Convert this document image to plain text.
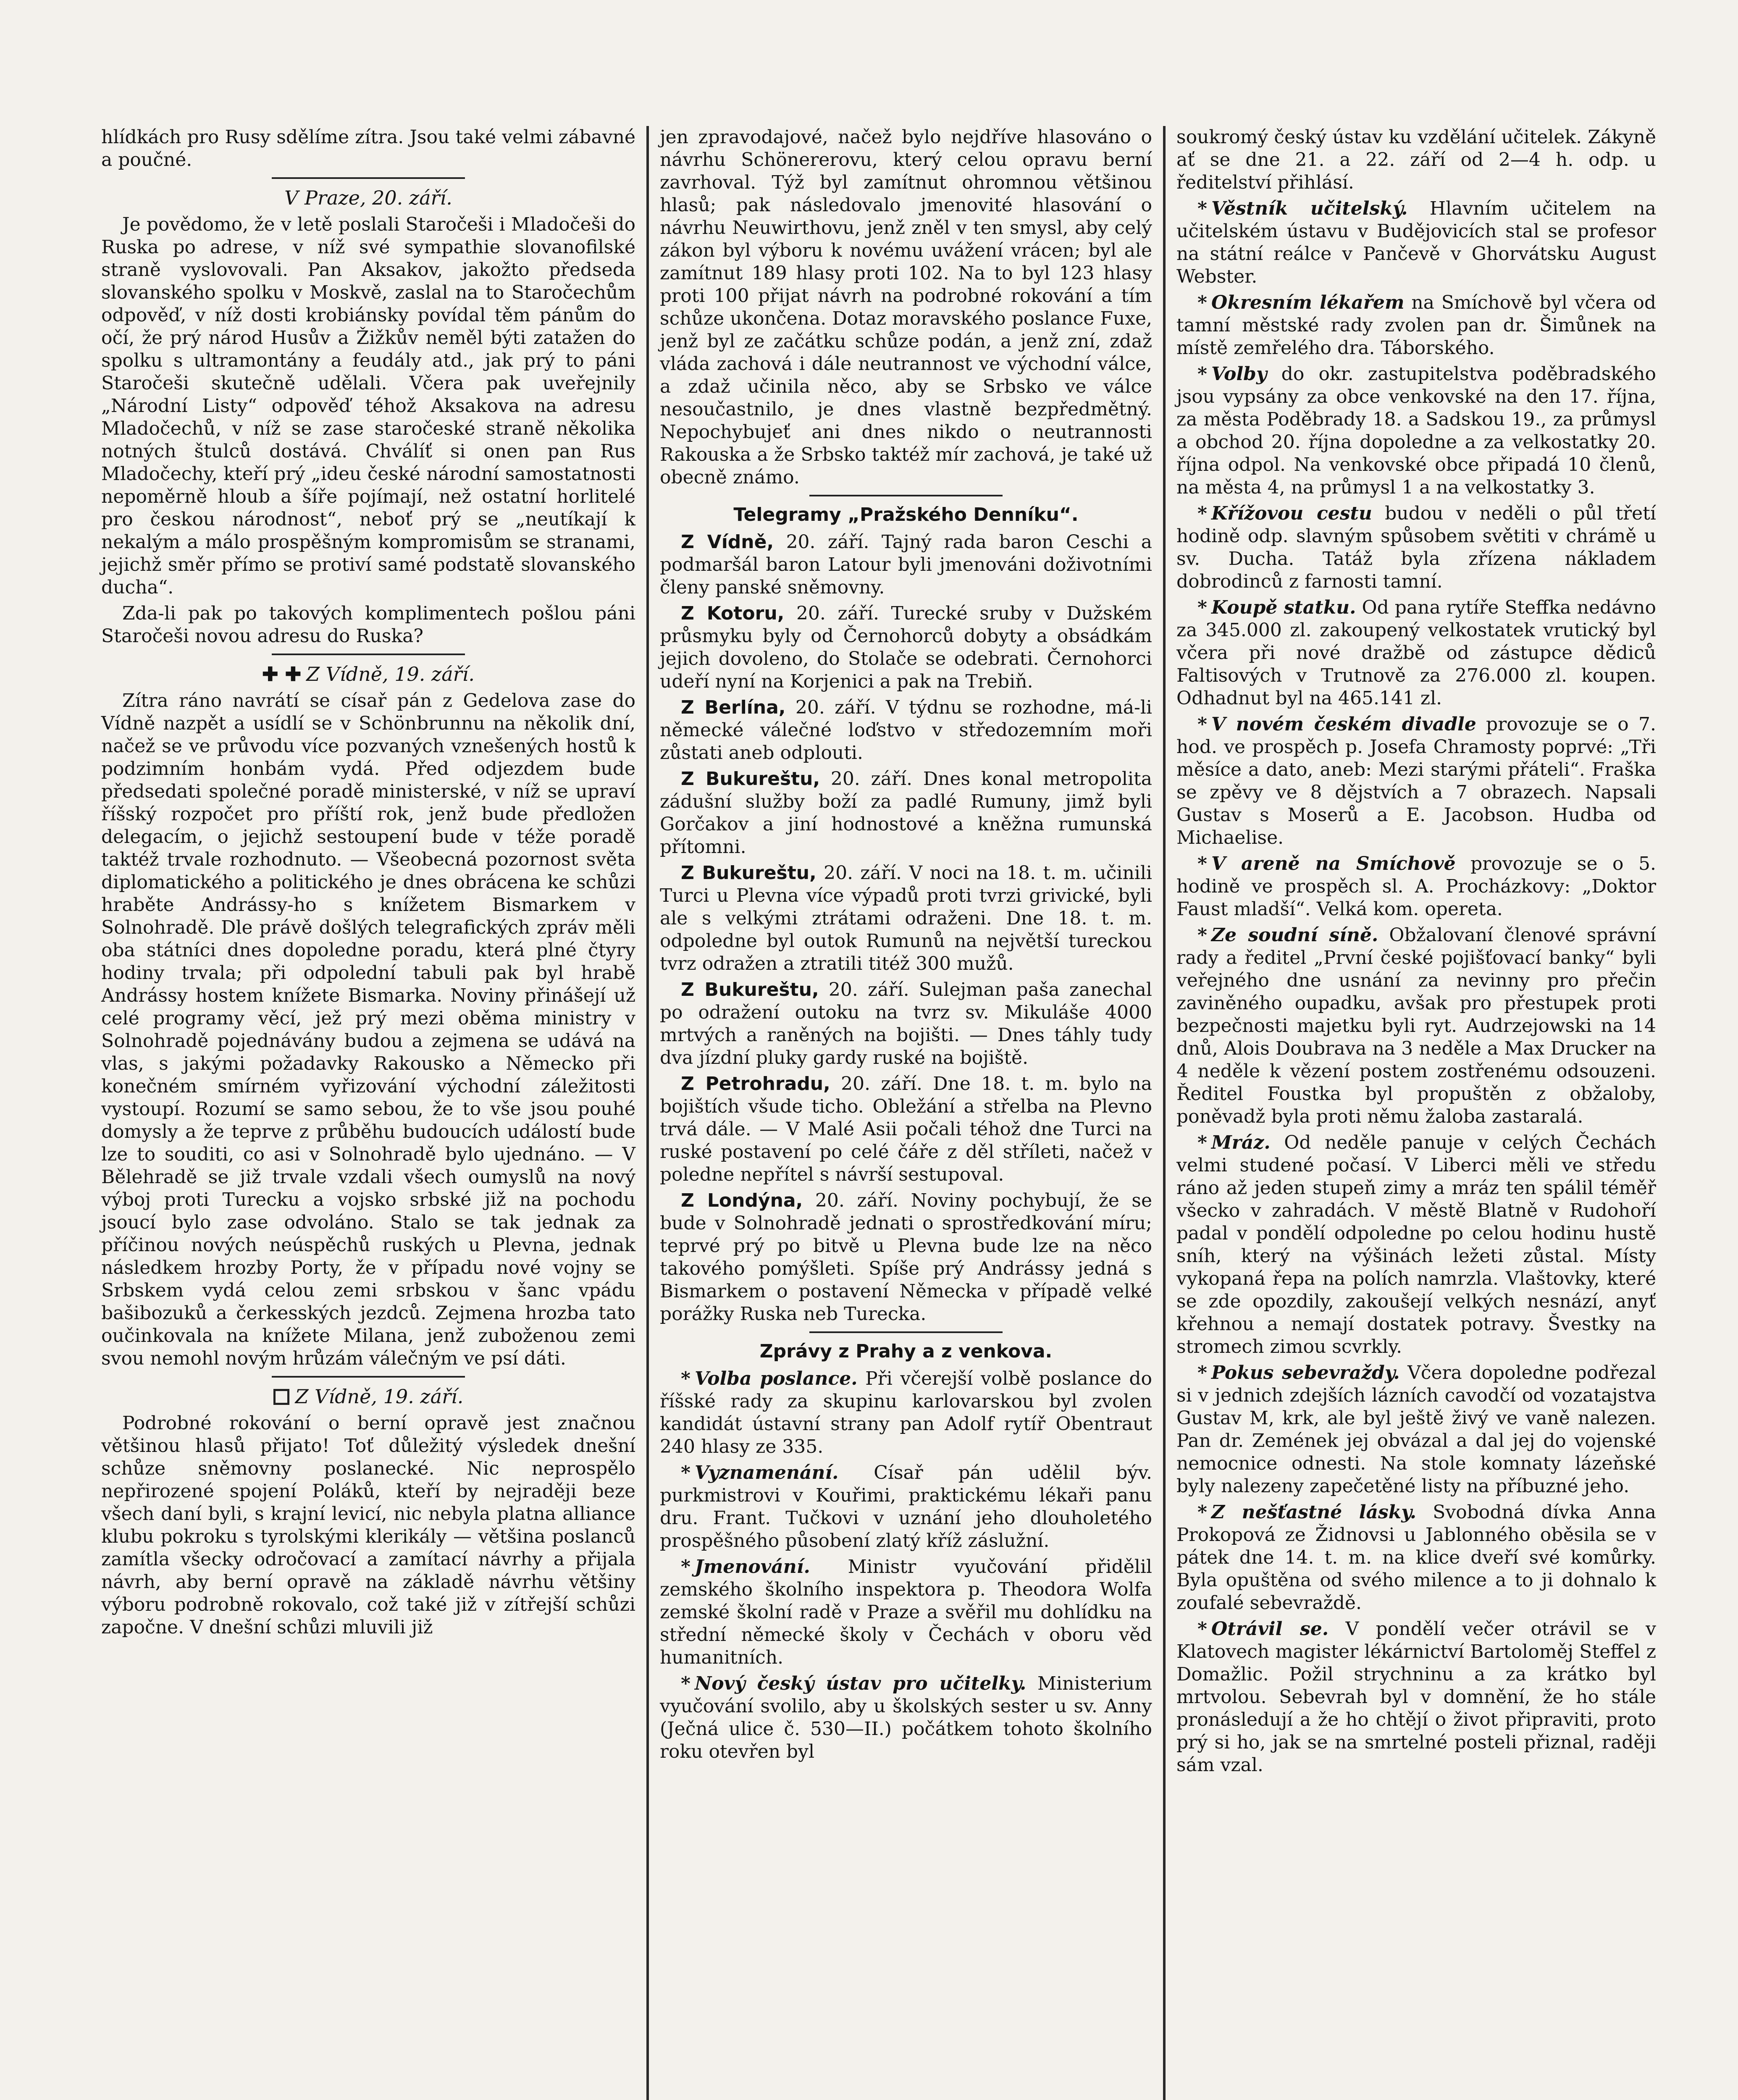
hlídkách pro Rusy sdělíme zítra. Jsou také velmi zábavné a poučné.

V Praze, 20. září.

Je povědomo, že v letě poslali Staročeši i Mladočeši do Ruska po adrese, v níž své sympathie slovanofilské straně vyslovovali. Pan Aksakov, jakožto předseda slovanského spolku v Moskvě, zaslal na to Staročechům odpověď, v níž dosti krobiánsky povídal těm pánům do očí, že prý národ Husův a Žižkův neměl býti zatažen do spolku s ultramontány a feudály atd., jak prý to páni Staročeši skutečně udělali. Včera pak uveřejnily „Národní Listy“ odpověď téhož Aksakova na adresu Mladočechů, v níž se zase staročeské straně několika notných štulců dostává. Chválíť si onen pan Rus Mladočechy, kteří prý „ideu české národní samostatnosti nepoměrně hloub a šíře pojímají, než ostatní horlitelé pro českou národnost“, neboť prý se „neutíkají k nekalým a málo prospěšným kompromisům se stranami, jejichž směr přímo se protiví samé podstatě slovanského ducha“.

Zda-li pak po takových komplimentech pošlou páni Staročeši novou adresu do Ruska?

✚ ✚ Z Vídně, 19. září.

Zítra ráno navrátí se císař pán z Gedelova zase do Vídně nazpět a usídlí se v Schönbrunnu na několik dní, načež se ve průvodu více pozvaných vznešených hostů k podzimním honbám vydá. Před odjezdem bude předsedati společné poradě ministerské, v níž se upraví říšský rozpočet pro příští rok, jenž bude předložen delegacím, o jejichž sestoupení bude v téže poradě taktéž trvale rozhodnuto. — Všeobecná pozornost světa diplomatického a politického je dnes obrácena ke schůzi hraběte Andrássy-ho s knížetem Bismarkem v Solnohradě. Dle právě došlých telegrafických zpráv měli oba státníci dnes dopoledne poradu, která plné čtyry hodiny trvala; při odpolední tabuli pak byl hrabě Andrássy hostem knížete Bismarka. Noviny přinášejí už celé programy věcí, jež prý mezi oběma ministry v Solnohradě pojednávány budou a zejmena se udává na vlas, s jakými požadavky Rakousko a Německo při konečném smírném vyřizování východní záležitosti vystoupí. Rozumí se samo sebou, že to vše jsou pouhé domysly a že teprve z průběhu budoucích událostí bude lze to souditi, co asi v Solnohradě bylo ujednáno. — V Bělehradě se již trvale vzdali všech oumyslů na nový výboj proti Turecku a vojsko srbské již na pochodu jsoucí bylo zase odvoláno. Stalo se tak jednak za příčinou nových neúspěchů ruských u Plevna, jednak následkem hrozby Porty, že v případu nové vojny se Srbskem vydá celou zemi srbskou v šanc vpádu bašibozuků a čerkesských jezdců. Zejmena hrozba tato oučinkovala na knížete Milana, jenž zuboženou zemi svou nemohl novým hrůzám válečným ve psí dáti.

Z Vídně, 19. září.

Podrobné rokování o berní opravě jest značnou většinou hlasů přijato! Toť důležitý výsledek dnešní schůze sněmovny poslanecké. Nic neprospělo nepřirozené spojení Poláků, kteří by nejraději beze všech daní byli, s krajní levicí, nic nebyla platna alliance klubu pokroku s tyrolskými klerikály — většina poslanců zamítla všecky odročovací a zamítací návrhy a přijala návrh, aby berní opravě na základě návrhu většiny výboru podrobně rokovalo, což také již v zítřejší schůzi započne. V dnešní schůzi mluvili již

jen zpravodajové, načež bylo nejdříve hlasováno o návrhu Schönererovu, který celou opravu berní zavrhoval. Týž byl zamítnut ohromnou většinou hlasů; pak následovalo jmenovité hlasování o návrhu Neuwirthovu, jenž zněl v ten smysl, aby celý zákon byl výboru k novému uvážení vrácen; byl ale zamítnut 189 hlasy proti 102. Na to byl 123 hlasy proti 100 přijat návrh na podrobné rokování a tím schůze ukončena. Dotaz moravského poslance Fuxe, jenž byl ze začátku schůze podán, a jenž zní, zdaž vláda zachová i dále neutrannost ve východní válce, a zdaž učinila něco, aby se Srbsko ve válce nesoučastnilo, je dnes vlastně bezpředmětný. Nepochybujeť ani dnes nikdo o neutrannosti Rakouska a že Srbsko taktéž mír zachová, je také už obecně známo.

Telegramy „Pražského Denníku“.

Z Vídně, 20. září. Tajný rada baron Ceschi a podmaršál baron Latour byli jmenováni doživotními členy panské sněmovny.

Z Kotoru, 20. září. Turecké sruby v Dužském průsmyku byly od Černohorců dobyty a obsádkám jejich dovoleno, do Stolače se odebrati. Černohorci udeří nyní na Korjenici a pak na Trebiň.

Z Berlína, 20. září. V týdnu se rozhodne, má-li německé válečné loďstvo v středozemním moři zůstati aneb odplouti.

Z Bukureštu, 20. září. Dnes konal metropolita zádušní služby boží za padlé Rumuny, jimž byli Gorčakov a jiní hodnostové a kněžna rumunská přítomni.

Z Bukureštu, 20. září. V noci na 18. t. m. učinili Turci u Plevna více výpadů proti tvrzi grivické, byli ale s velkými ztrátami odraženi. Dne 18. t. m. odpoledne byl outok Rumunů na největší tureckou tvrz odražen a ztratili titéž 300 mužů.

Z Bukureštu, 20. září. Sulejman paša zanechal po odražení outoku na tvrz sv. Mikuláše 4000 mrtvých a raněných na bojišti. — Dnes táhly tudy dva jízdní pluky gardy ruské na bojiště.

Z Petrohradu, 20. září. Dne 18. t. m. bylo na bojištích všude ticho. Obležání a střelba na Plevno trvá dále. — V Malé Asii počali téhož dne Turci na ruské postavení po celé čáře z děl stříleti, načež v poledne nepřítel s návrší sestupoval.

Z Londýna, 20. září. Noviny pochybují, že se bude v Solnohradě jednati o sprostředkování míru; teprvé prý po bitvě u Plevna bude lze na něco takového pomýšleti. Spíše prý Andrássy jedná s Bismarkem o postavení Německa v případě velké porážky Ruska neb Turecka.

Zprávy z Prahy a z venkova.

* Volba poslance. Při včerejší volbě poslance do říšské rady za skupinu karlovarskou byl zvolen kandidát ústavní strany pan Adolf rytíř Obentraut 240 hlasy ze 335.

* Vyznamenání. Císař pán udělil býv. purkmistrovi v Kouřimi, praktickému lékaři panu dru. Frant. Tučkovi v uznání jeho dlouholetého prospěšného působení zlatý kříž záslužní.

* Jmenování. Ministr vyučování přidělil zemského školního inspektora p. Theodora Wolfa zemské školní radě v Praze a svěřil mu dohlídku na střední německé školy v Čechách v oboru věd humanitních.

* Nový český ústav pro učitelky. Ministerium vyučování svolilo, aby u školských sester u sv. Anny (Ječná ulice č. 530—II.) počátkem tohoto školního roku otevřen byl

soukromý český ústav ku vzdělání učitelek. Zákyně ať se dne 21. a 22. září od 2—4 h. odp. u ředitelství přihlásí.

* Věstník učitelský. Hlavním učitelem na učitelském ústavu v Budějovicích stal se profesor na státní reálce v Pančevě v Ghorvátsku August Webster.

* Okresním lékařem na Smíchově byl včera od tamní městské rady zvolen pan dr. Šimůnek na místě zemřelého dra. Táborského.

* Volby do okr. zastupitelstva poděbradského jsou vypsány za obce venkovské na den 17. října, za města Poděbrady 18. a Sadskou 19., za průmysl a obchod 20. října dopoledne a za velkostatky 20. října odpol. Na venkovské obce připadá 10 členů, na města 4, na průmysl 1 a na velkostatky 3.

* Křížovou cestu budou v neděli o půl třetí hodině odp. slavným spůsobem světiti v chrámě u sv. Ducha. Tatáž byla zřízena nákladem dobrodinců z farnosti tamní.

* Koupě statku. Od pana rytíře Steffka nedávno za 345.000 zl. zakoupený velkostatek vrutický byl včera při nové dražbě od zástupce dědiců Faltisových v Trutnově za 276.000 zl. koupen. Odhadnut byl na 465.141 zl.

* V novém českém divadle provozuje se o 7. hod. ve prospěch p. Josefa Chramosty poprvé: „Tři měsíce a dato, aneb: Mezi starými přáteli“. Fraška se zpěvy ve 8 dějstvích a 7 obrazech. Napsali Gustav s Moserů a E. Jacobson. Hudba od Michaelise.

* V areně na Smíchově provozuje se o 5. hodině ve prospěch sl. A. Procházkovy: „Doktor Faust mladší“. Velká kom. opereta.

* Ze soudní síně. Obžalovaní členové správní rady a ředitel „První české pojišťovací banky“ byli veřejného dne usnání za nevinny pro přečin zaviněného oupadku, avšak pro přestupek proti bezpečnosti majetku byli ryt. Audrzejowski na 14 dnů, Alois Doubrava na 3 neděle a Max Drucker na 4 neděle k vězení postem zostřenému odsouzeni. Ředitel Foustka byl propuštěn z obžaloby, poněvadž byla proti němu žaloba zastaralá.

* Mráz. Od neděle panuje v celých Čechách velmi studené počasí. V Liberci měli ve středu ráno až jeden stupeň zimy a mráz ten spálil téměř všecko v zahradách. V městě Blatně v Rudohoří padal v pondělí odpoledne po celou hodinu hustě sníh, který na výšinách ležeti zůstal. Místy vykopaná řepa na polích namrzla. Vlaštovky, které se zde opozdily, zakoušejí velkých nesnází, anyť křehnou a nemají dostatek potravy. Švestky na stromech zimou scvrkly.

* Pokus sebevraždy. Včera dopoledne podřezal si v jednich zdejších lázních cavodčí od vozatajstva Gustav M, krk, ale byl ještě živý ve vaně nalezen. Pan dr. Zemének jej obvázal a dal jej do vojenské nemocnice odnesti. Na stole komnaty lázeňské byly nalezeny zapečetěné listy na příbuzné jeho.

* Z nešťastné lásky. Svobodná dívka Anna Prokopová ze Židnovsi u Jablonného oběsila se v pátek dne 14. t. m. na klice dveří své komůrky. Byla opuštěna od svého milence a to ji dohnalo k zoufalé sebevraždě.

* Otrávil se. V pondělí večer otrávil se v Klatovech magister lékárnictví Bartoloměj Steffel z Domažlic. Požil strychninu a za krátko byl mrtvolou. Sebevrah byl v domnění, že ho stále pronásledují a že ho chtějí o život připraviti, proto prý si ho, jak se na smrtelné posteli přiznal, raději sám vzal.
